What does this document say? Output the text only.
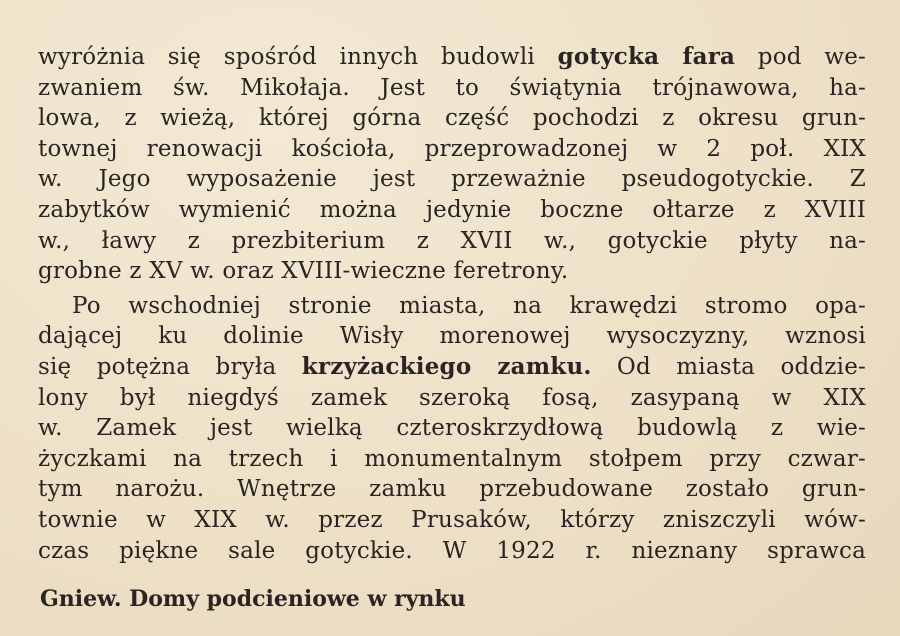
wyróżnia się spośród innych budowli gotycka fara pod we-
zwaniem św. Mikołaja. Jest to świątynia trójnawowa, ha-
lowa, z wieżą, której górna część pochodzi z okresu grun-
townej renowacji kościoła, przeprowadzonej w 2 poł. XIX
w. Jego wyposażenie jest przeważnie pseudogotyckie. Z
zabytków wymienić można jedynie boczne ołtarze z XVIII
w., ławy z prezbiterium z XVII w., gotyckie płyty na-
grobne z XV w. oraz XVIII-wieczne feretrony.
Po wschodniej stronie miasta, na krawędzi stromo opa-
dającej ku dolinie Wisły morenowej wysoczyzny, wznosi
się potężna bryła krzyżackiego zamku. Od miasta oddzie-
lony był niegdyś zamek szeroką fosą, zasypaną w XIX
w. Zamek jest wielką czteroskrzydłową budowlą z wie-
życzkami na trzech i monumentalnym stołpem przy czwar-
tym narożu. Wnętrze zamku przebudowane zostało grun-
townie w XIX w. przez Prusaków, którzy zniszczyli wów-
czas piękne sale gotyckie. W 1922 r. nieznany sprawca
Gniew. Domy podcieniowe w rynku
